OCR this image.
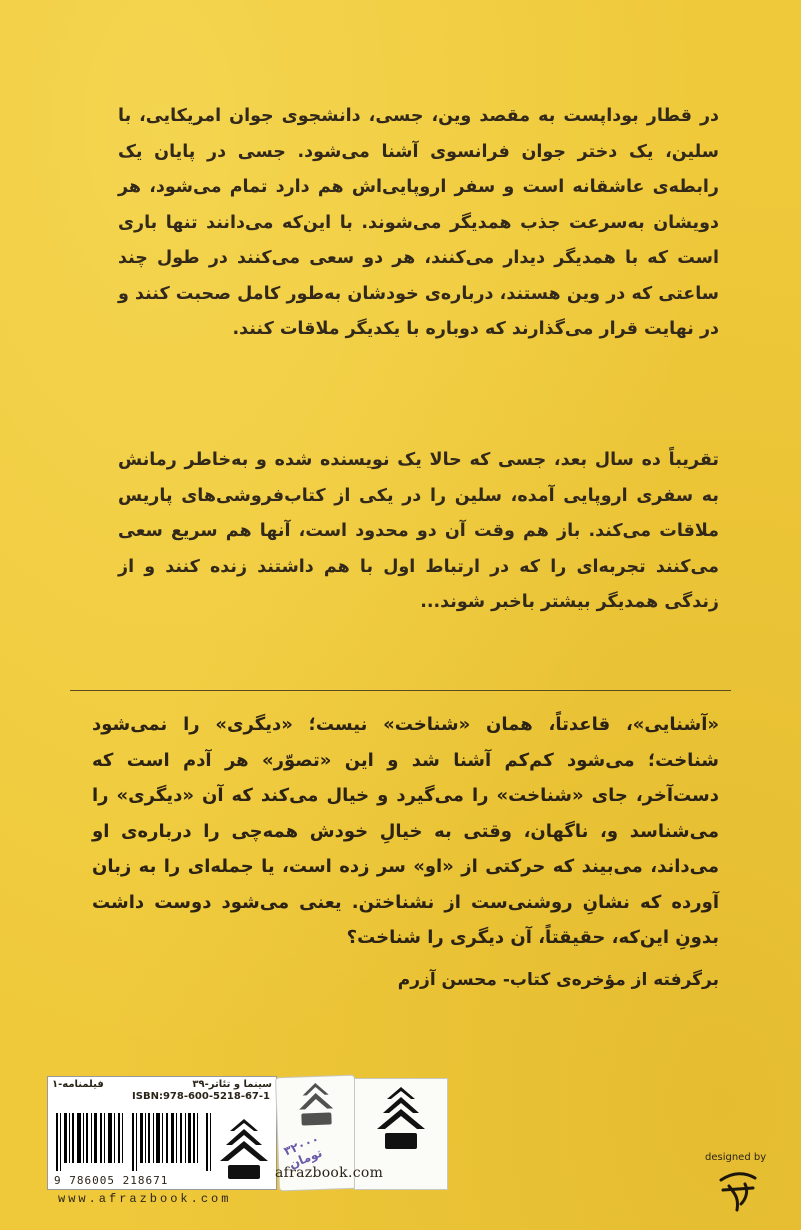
در قطار بوداپست به مقصد وین، جسی، دانشجوی جوان امریکایی، با سلین، یک دختر جوان فرانسوی آشنا می‌شود. جسی در پایان یک رابطه‌ی عاشقانه است و سفر اروپایی‌اش هم دارد تمام می‌شود، هر دویشان به‌سرعت جذب همدیگر می‌شوند. با این‌که می‌دانند تنها باری است که با همدیگر دیدار می‌کنند، هر دو سعی می‌کنند در طول چند ساعتی که در وین هستند، درباره‌ی خودشان به‌طور کامل صحبت کنند و در نهایت قرار می‌گذارند که دوباره با یکدیگر ملاقات کنند.

تقریباً ده سال بعد، جسی که حالا یک نویسنده شده و به‌خاطر رمانش به سفری اروپایی آمده، سلین را در یکی از کتاب‌فروشی‌های پاریس ملاقات می‌کند. باز هم وقت آن دو محدود است، آنها هم سریع سعی می‌کنند تجربه‌ای را که در ارتباط اول با هم داشتند زنده کنند و از زندگی همدیگر بیشتر باخبر شوند...

«آشنایی»، قاعدتاً، همان «شناخت» نیست؛ «دیگری» را نمی‌شود شناخت؛ می‌شود کم‌کم آشنا شد و این «تصوّر» هر آدم است که دست‌آخر، جای «شناخت» را می‌گیرد و خیال می‌کند که آن «دیگری» را می‌شناسد و، ناگهان، وقتی به خیالِ خودش همه‌چی را درباره‌ی او می‌داند، می‌بیند که حرکتی از «او» سر زده است، یا جمله‌ای را به زبان آورده که نشانِ روشنی‌ست از نشناختن. یعنی می‌شود دوست داشت بدونِ این‌که، حقیقتاً، آن دیگری را شناخت؟
برگرفته از مؤخره‌ی کتاب- محسن آزرم
سینما و تئاتر-۳۹
فیلمنامه-۱
ISBN:978-600-5218-67-1
9 786005 218671
۳۲۰۰۰ تومان
afrazbook.com
www.afrazbook.com
designed by
